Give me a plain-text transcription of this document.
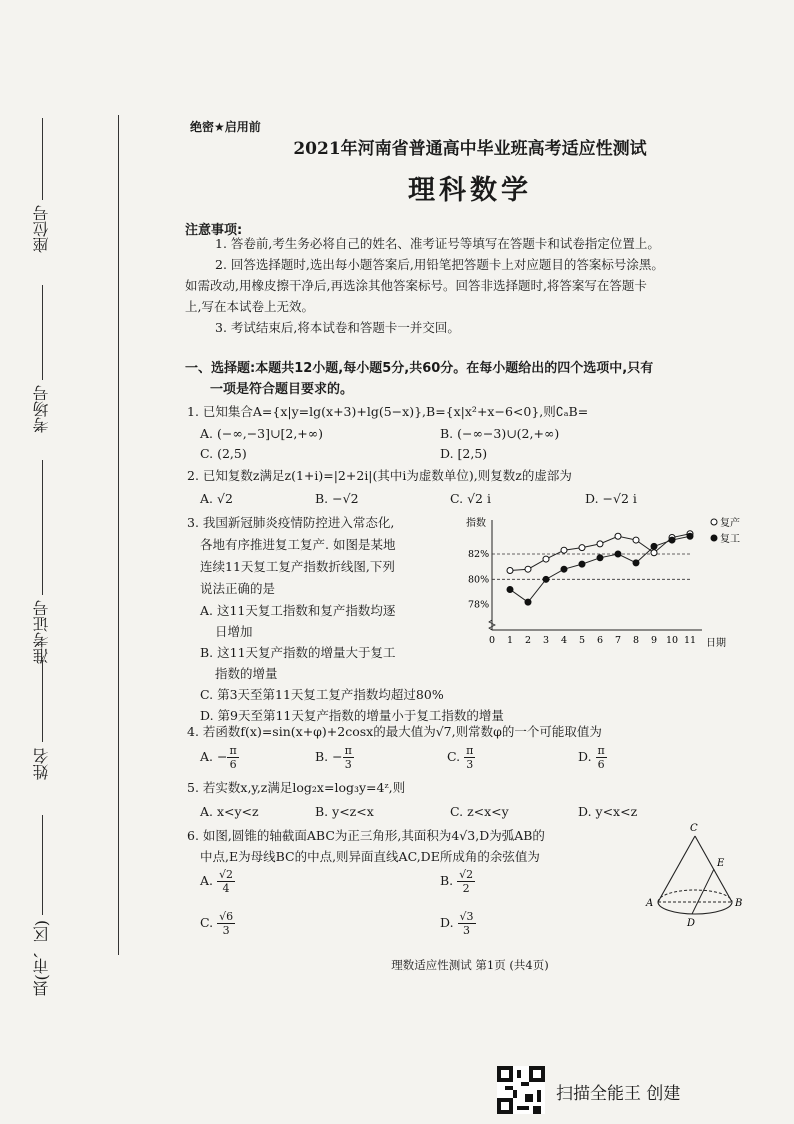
座位号
考场号
准考证号
姓名
县(市、区)
绝密★启用前
2021年河南省普通高中毕业班高考适应性测试
理科数学
注意事项:
1. 答卷前,考生务必将自己的姓名、准考证号等填写在答题卡和试卷指定位置上。
2. 回答选择题时,选出每小题答案后,用铅笔把答题卡上对应题目的答案标号涂黑。
如需改动,用橡皮擦干净后,再选涂其他答案标号。回答非选择题时,将答案写在答题卡
上,写在本试卷上无效。
3. 考试结束后,将本试卷和答题卡一并交回。
一、选择题:本题共12小题,每小题5分,共60分。在每小题给出的四个选项中,只有
一项是符合题目要求的。
1. 已知集合A={x|y=lg(x+3)+lg(5−x)},B={x|x²+x−6<0},则∁ₐB=
A. (−∞,−3]∪[2,+∞)	B. (−∞−3)∪(2,+∞)
C. (2,5)	D. [2,5)
2. 已知复数z满足z(1+i)=|2+2i|(其中i为虚数单位),则复数z的虚部为
A. √2	B. −√2	C. √2 i	D. −√2 i
3. 我国新冠肺炎疫情防控进入常态化,
各地有序推进复工复产. 如图是某地
连续11天复工复产指数折线图,下列
说法正确的是
A. 这11天复工指数和复产指数均逐
日增加
B. 这11天复产指数的增量大于复工
指数的增量
C. 第3天至第11天复工复产指数均超过80%
D. 第9天至第11天复产指数的增量小于复工指数的增量
指数
日期
78%
80%
82%
0 1 2 3 4 5 6 7 8 9 10 11
复产
复工
4. 若函数f(x)=sin(x+φ)+2cosx的最大值为√7,则常数φ的一个可能取值为
A. − $\frac{\pi}{6}$	B. − $\frac{\pi}{3}$	C. $\frac{\pi}{3}$	D. $\frac{\pi}{6}$
5. 若实数x,y,z满足log₂x=log₃y=4ᶻ,则
A. x<y<z	B. y<z<x	C. z<x<y	D. y<x<z
6. 如图,圆锥的轴截面ABC为正三角形,其面积为4√3,D为弧AB的
中点,E为母线BC的中点,则异面直线AC,DE所成角的余弦值为
A. $\frac{√2}{4}$	B. $\frac{√2}{2}$
C. $\frac{√6}{3}$	D. $\frac{√3}{3}$
C
E
A	B
D
理数适应性测试 第1页 (共4页)
扫描全能王 创建
